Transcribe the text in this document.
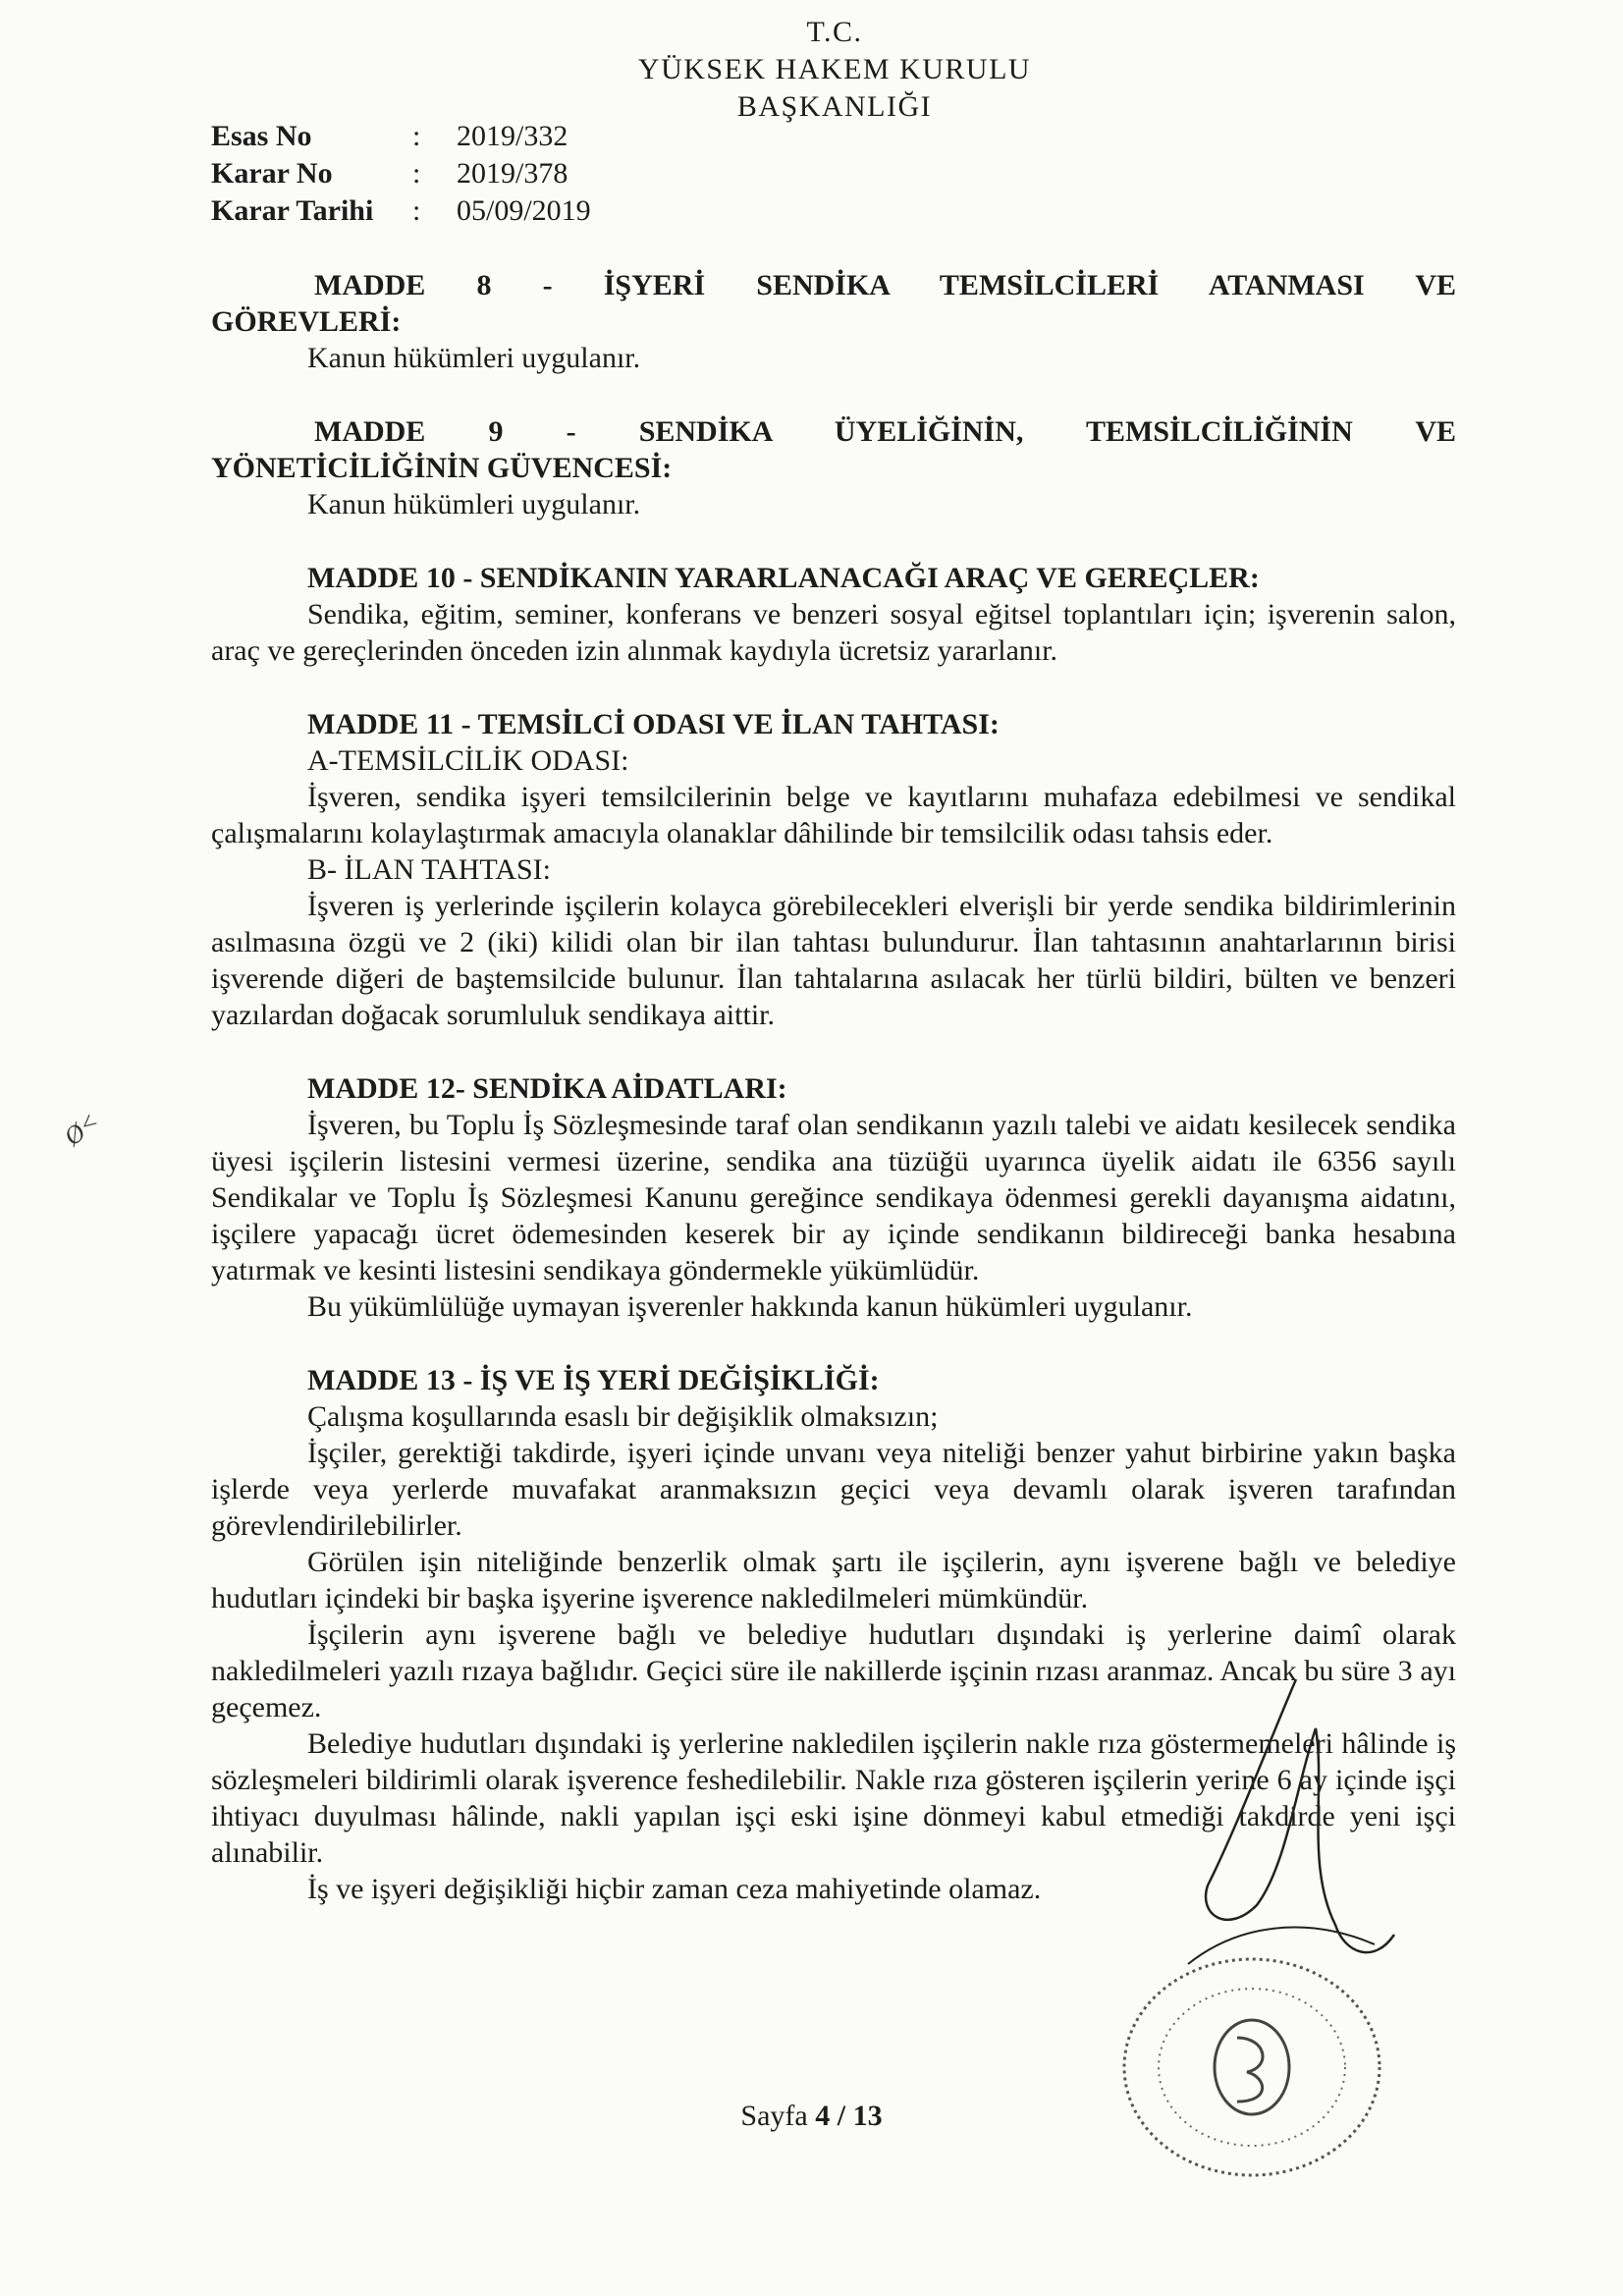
T.C.
YÜKSEK HAKEM KURULU
BAŞKANLIĞI
Esas No	:	2019/332
Karar No	:	2019/378
Karar Tarihi	:	05/09/2019
MADDE 8 - İŞYERİ SENDİKA TEMSİLCİLERİ ATANMASI VE
GÖREVLERİ:

Kanun hükümleri uygulanır.

MADDE 9 - SENDİKA ÜYELİĞİNİN, TEMSİLCİLİĞİNİN VE
YÖNETİCİLİĞİNİN GÜVENCESİ:

Kanun hükümleri uygulanır.

MADDE 10 - SENDİKANIN YARARLANACAĞI ARAÇ VE GEREÇLER:

Sendika, eğitim, seminer, konferans ve benzeri sosyal eğitsel toplantıları için; işverenin salon, araç ve gereçlerinden önceden izin alınmak kaydıyla ücretsiz yararlanır.

MADDE 11 - TEMSİLCİ ODASI VE İLAN TAHTASI:

A-TEMSİLCİLİK ODASI:

İşveren, sendika işyeri temsilcilerinin belge ve kayıtlarını muhafaza edebilmesi ve sendikal çalışmalarını kolaylaştırmak amacıyla olanaklar dâhilinde bir temsilcilik odası tahsis eder.

B- İLAN TAHTASI:

İşveren iş yerlerinde işçilerin kolayca görebilecekleri elverişli bir yerde sendika bildirimlerinin asılmasına özgü ve 2 (iki) kilidi olan bir ilan tahtası bulundurur. İlan tahtasının anahtarlarının birisi işverende diğeri de baştemsilcide bulunur. İlan tahtalarına asılacak her türlü bildiri, bülten ve benzeri yazılardan doğacak sorumluluk sendikaya aittir.

MADDE 12- SENDİKA AİDATLARI:

İşveren, bu Toplu İş Sözleşmesinde taraf olan sendikanın yazılı talebi ve aidatı kesilecek sendika üyesi işçilerin listesini vermesi üzerine, sendika ana tüzüğü uyarınca üyelik aidatı ile 6356 sayılı Sendikalar ve Toplu İş Sözleşmesi Kanunu gereğince sendikaya ödenmesi gerekli dayanışma aidatını, işçilere yapacağı ücret ödemesinden keserek bir ay içinde sendikanın bildireceği banka hesabına yatırmak ve kesinti listesini sendikaya göndermekle yükümlüdür.

Bu yükümlülüğe uymayan işverenler hakkında kanun hükümleri uygulanır.

MADDE 13 - İŞ VE İŞ YERİ DEĞİŞİKLİĞİ:

Çalışma koşullarında esaslı bir değişiklik olmaksızın;

İşçiler, gerektiği takdirde, işyeri içinde unvanı veya niteliği benzer yahut birbirine yakın başka işlerde veya yerlerde muvafakat aranmaksızın geçici veya devamlı olarak işveren tarafından görevlendirilebilirler.

Görülen işin niteliğinde benzerlik olmak şartı ile işçilerin, aynı işverene bağlı ve belediye hudutları içindeki bir başka işyerine işverence nakledilmeleri mümkündür.

İşçilerin aynı işverene bağlı ve belediye hudutları dışındaki iş yerlerine daimî olarak nakledilmeleri yazılı rızaya bağlıdır. Geçici süre ile nakillerde işçinin rızası aranmaz. Ancak bu süre 3 ayı geçemez.

Belediye hudutları dışındaki iş yerlerine nakledilen işçilerin nakle rıza göstermemeleri hâlinde iş sözleşmeleri bildirimli olarak işverence feshedilebilir. Nakle rıza gösteren işçilerin yerine 6 ay içinde işçi ihtiyacı duyulması hâlinde, nakli yapılan işçi eski işine dönmeyi kabul etmediği takdirde yeni işçi alınabilir.

İş ve işyeri değişikliği hiçbir zaman ceza mahiyetinde olamaz.

Ø<
Sayfa 4 / 13
